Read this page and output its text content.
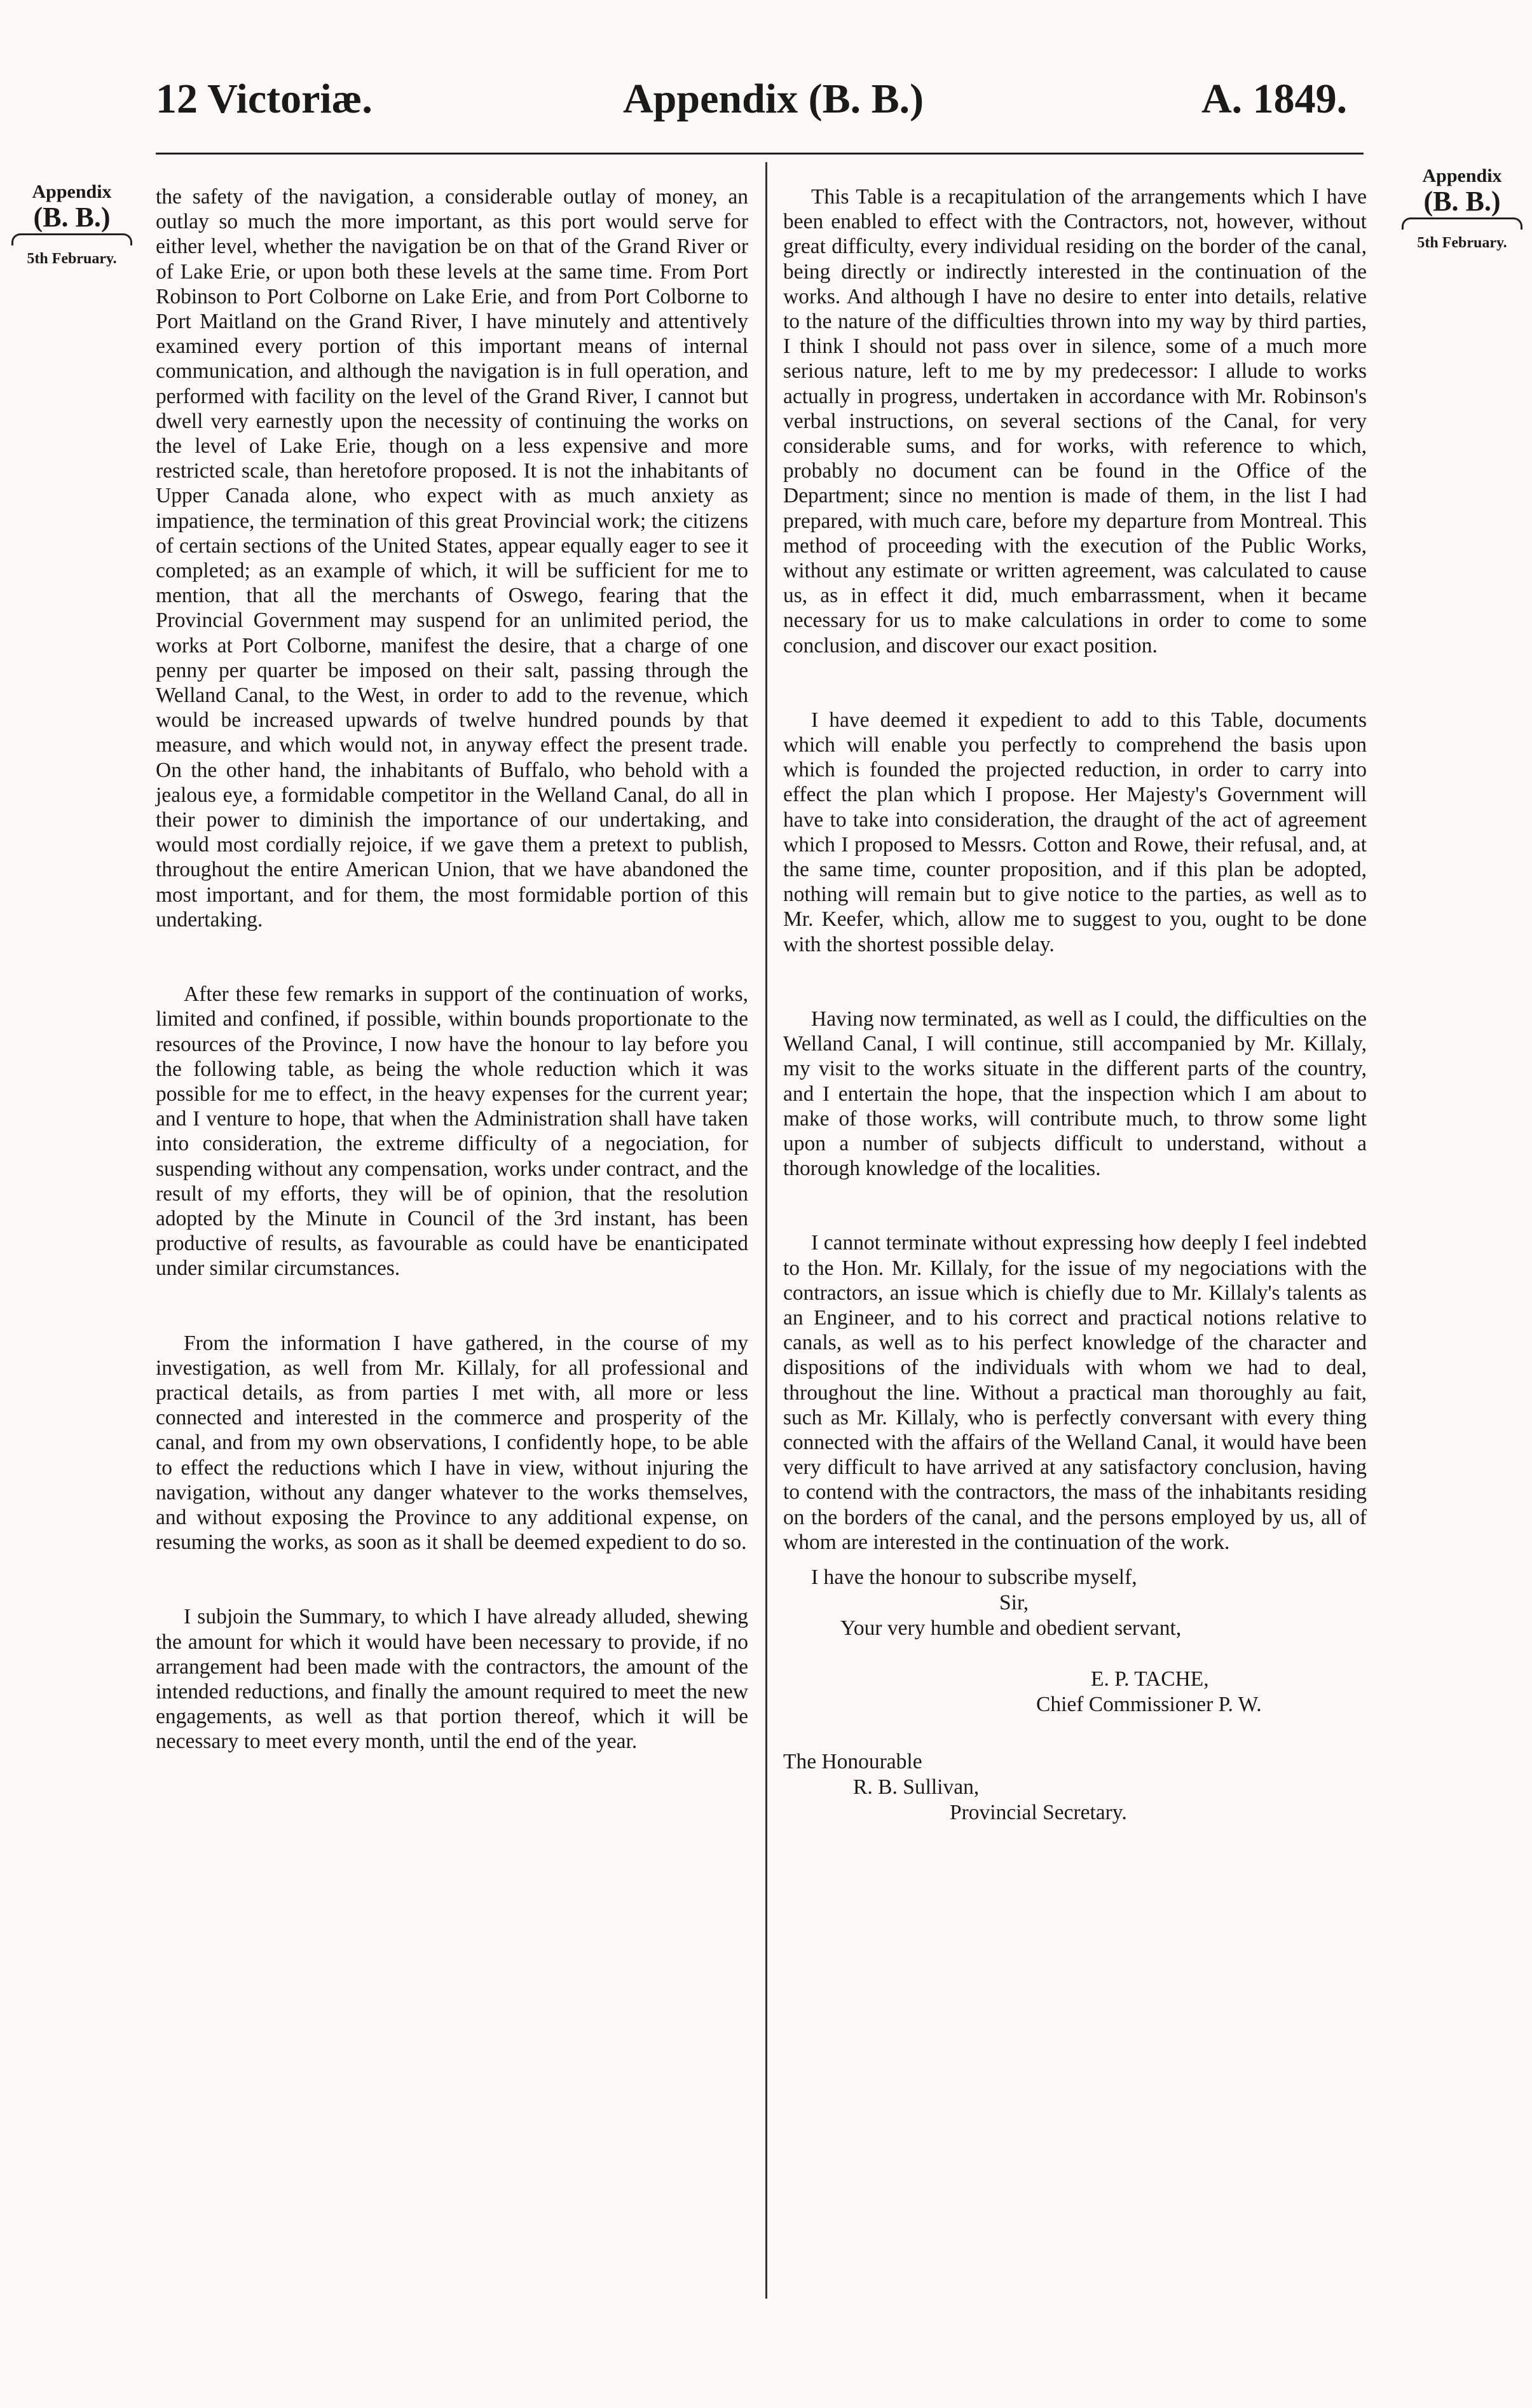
12 Victoriæ.	Appendix (B. B.)	A. 1849.
Appendix
(B. B.)
5th February.
Appendix
(B. B.)
5th February.

the safety of the navigation, a considerable outlay of money, an outlay so much the more important, as this port would serve for either level, whether the navigation be on that of the Grand River or of Lake Erie, or upon both these levels at the same time. From Port Robinson to Port Colborne on Lake Erie, and from Port Colborne to Port Maitland on the Grand River, I have minutely and attentively examined every portion of this important means of internal communication, and although the navigation is in full operation, and performed with facility on the level of the Grand River, I cannot but dwell very earnestly upon the necessity of continuing the works on the level of Lake Erie, though on a less expensive and more restricted scale, than heretofore proposed. It is not the inhabitants of Upper Canada alone, who expect with as much anxiety as impatience, the termination of this great Provincial work; the citizens of certain sections of the United States, appear equally eager to see it completed; as an example of which, it will be sufficient for me to mention, that all the merchants of Oswego, fearing that the Provincial Government may suspend for an unlimited period, the works at Port Colborne, manifest the desire, that a charge of one penny per quarter be imposed on their salt, passing through the Welland Canal, to the West, in order to add to the revenue, which would be increased upwards of twelve hundred pounds by that measure, and which would not, in anyway effect the present trade. On the other hand, the inhabitants of Buffalo, who behold with a jealous eye, a formidable competitor in the Welland Canal, do all in their power to diminish the importance of our undertaking, and would most cordially rejoice, if we gave them a pretext to publish, throughout the entire American Union, that we have abandoned the most important, and for them, the most formidable portion of this undertaking.

After these few remarks in support of the continuation of works, limited and confined, if possible, within bounds proportionate to the resources of the Province, I now have the honour to lay before you the following table, as being the whole reduction which it was possible for me to effect, in the heavy expenses for the current year; and I venture to hope, that when the Administration shall have taken into consideration, the extreme difficulty of a negociation, for suspending without any compensation, works under contract, and the result of my efforts, they will be of opinion, that the resolution adopted by the Minute in Council of the 3rd instant, has been productive of results, as favourable as could have be enanticipated under similar circumstances.

From the information I have gathered, in the course of my investigation, as well from Mr. Killaly, for all professional and practical details, as from parties I met with, all more or less connected and interested in the commerce and prosperity of the canal, and from my own observations, I confidently hope, to be able to effect the reductions which I have in view, without injuring the navigation, without any danger whatever to the works themselves, and without exposing the Province to any additional expense, on resuming the works, as soon as it shall be deemed expedient to do so.

I subjoin the Summary, to which I have already alluded, shewing the amount for which it would have been necessary to provide, if no arrangement had been made with the contractors, the amount of the intended reductions, and finally the amount required to meet the new engagements, as well as that portion thereof, which it will be necessary to meet every month, until the end of the year.

This Table is a recapitulation of the arrangements which I have been enabled to effect with the Contractors, not, however, without great difficulty, every individual residing on the border of the canal, being directly or indirectly interested in the continuation of the works. And although I have no desire to enter into details, relative to the nature of the difficulties thrown into my way by third parties, I think I should not pass over in silence, some of a much more serious nature, left to me by my predecessor: I allude to works actually in progress, undertaken in accordance with Mr. Robinson's verbal instructions, on several sections of the Canal, for very considerable sums, and for works, with reference to which, probably no document can be found in the Office of the Department; since no mention is made of them, in the list I had prepared, with much care, before my departure from Montreal. This method of proceeding with the execution of the Public Works, without any estimate or written agreement, was calculated to cause us, as in effect it did, much embarrassment, when it became necessary for us to make calculations in order to come to some conclusion, and discover our exact position.

I have deemed it expedient to add to this Table, documents which will enable you perfectly to comprehend the basis upon which is founded the projected reduction, in order to carry into effect the plan which I propose. Her Majesty's Government will have to take into consideration, the draught of the act of agreement which I proposed to Messrs. Cotton and Rowe, their refusal, and, at the same time, counter proposition, and if this plan be adopted, nothing will remain but to give notice to the parties, as well as to Mr. Keefer, which, allow me to suggest to you, ought to be done with the shortest possible delay.

Having now terminated, as well as I could, the difficulties on the Welland Canal, I will continue, still accompanied by Mr. Killaly, my visit to the works situate in the different parts of the country, and I entertain the hope, that the inspection which I am about to make of those works, will contribute much, to throw some light upon a number of subjects difficult to understand, without a thorough knowledge of the localities.

I cannot terminate without expressing how deeply I feel indebted to the Hon. Mr. Killaly, for the issue of my negociations with the contractors, an issue which is chiefly due to Mr. Killaly's talents as an Engineer, and to his correct and practical notions relative to canals, as well as to his perfect knowledge of the character and dispositions of the individuals with whom we had to deal, throughout the line. Without a practical man thoroughly au fait, such as Mr. Killaly, who is perfectly conversant with every thing connected with the affairs of the Welland Canal, it would have been very difficult to have arrived at any satisfactory conclusion, having to contend with the contractors, the mass of the inhabitants residing on the borders of the canal, and the persons employed by us, all of whom are interested in the continuation of the work.

I have the honour to subscribe myself,
Sir,
Your very humble and obedient servant,
E. P. TACHE,
Chief Commissioner P. W.
The Honourable
R. B. Sullivan,
Provincial Secretary.
